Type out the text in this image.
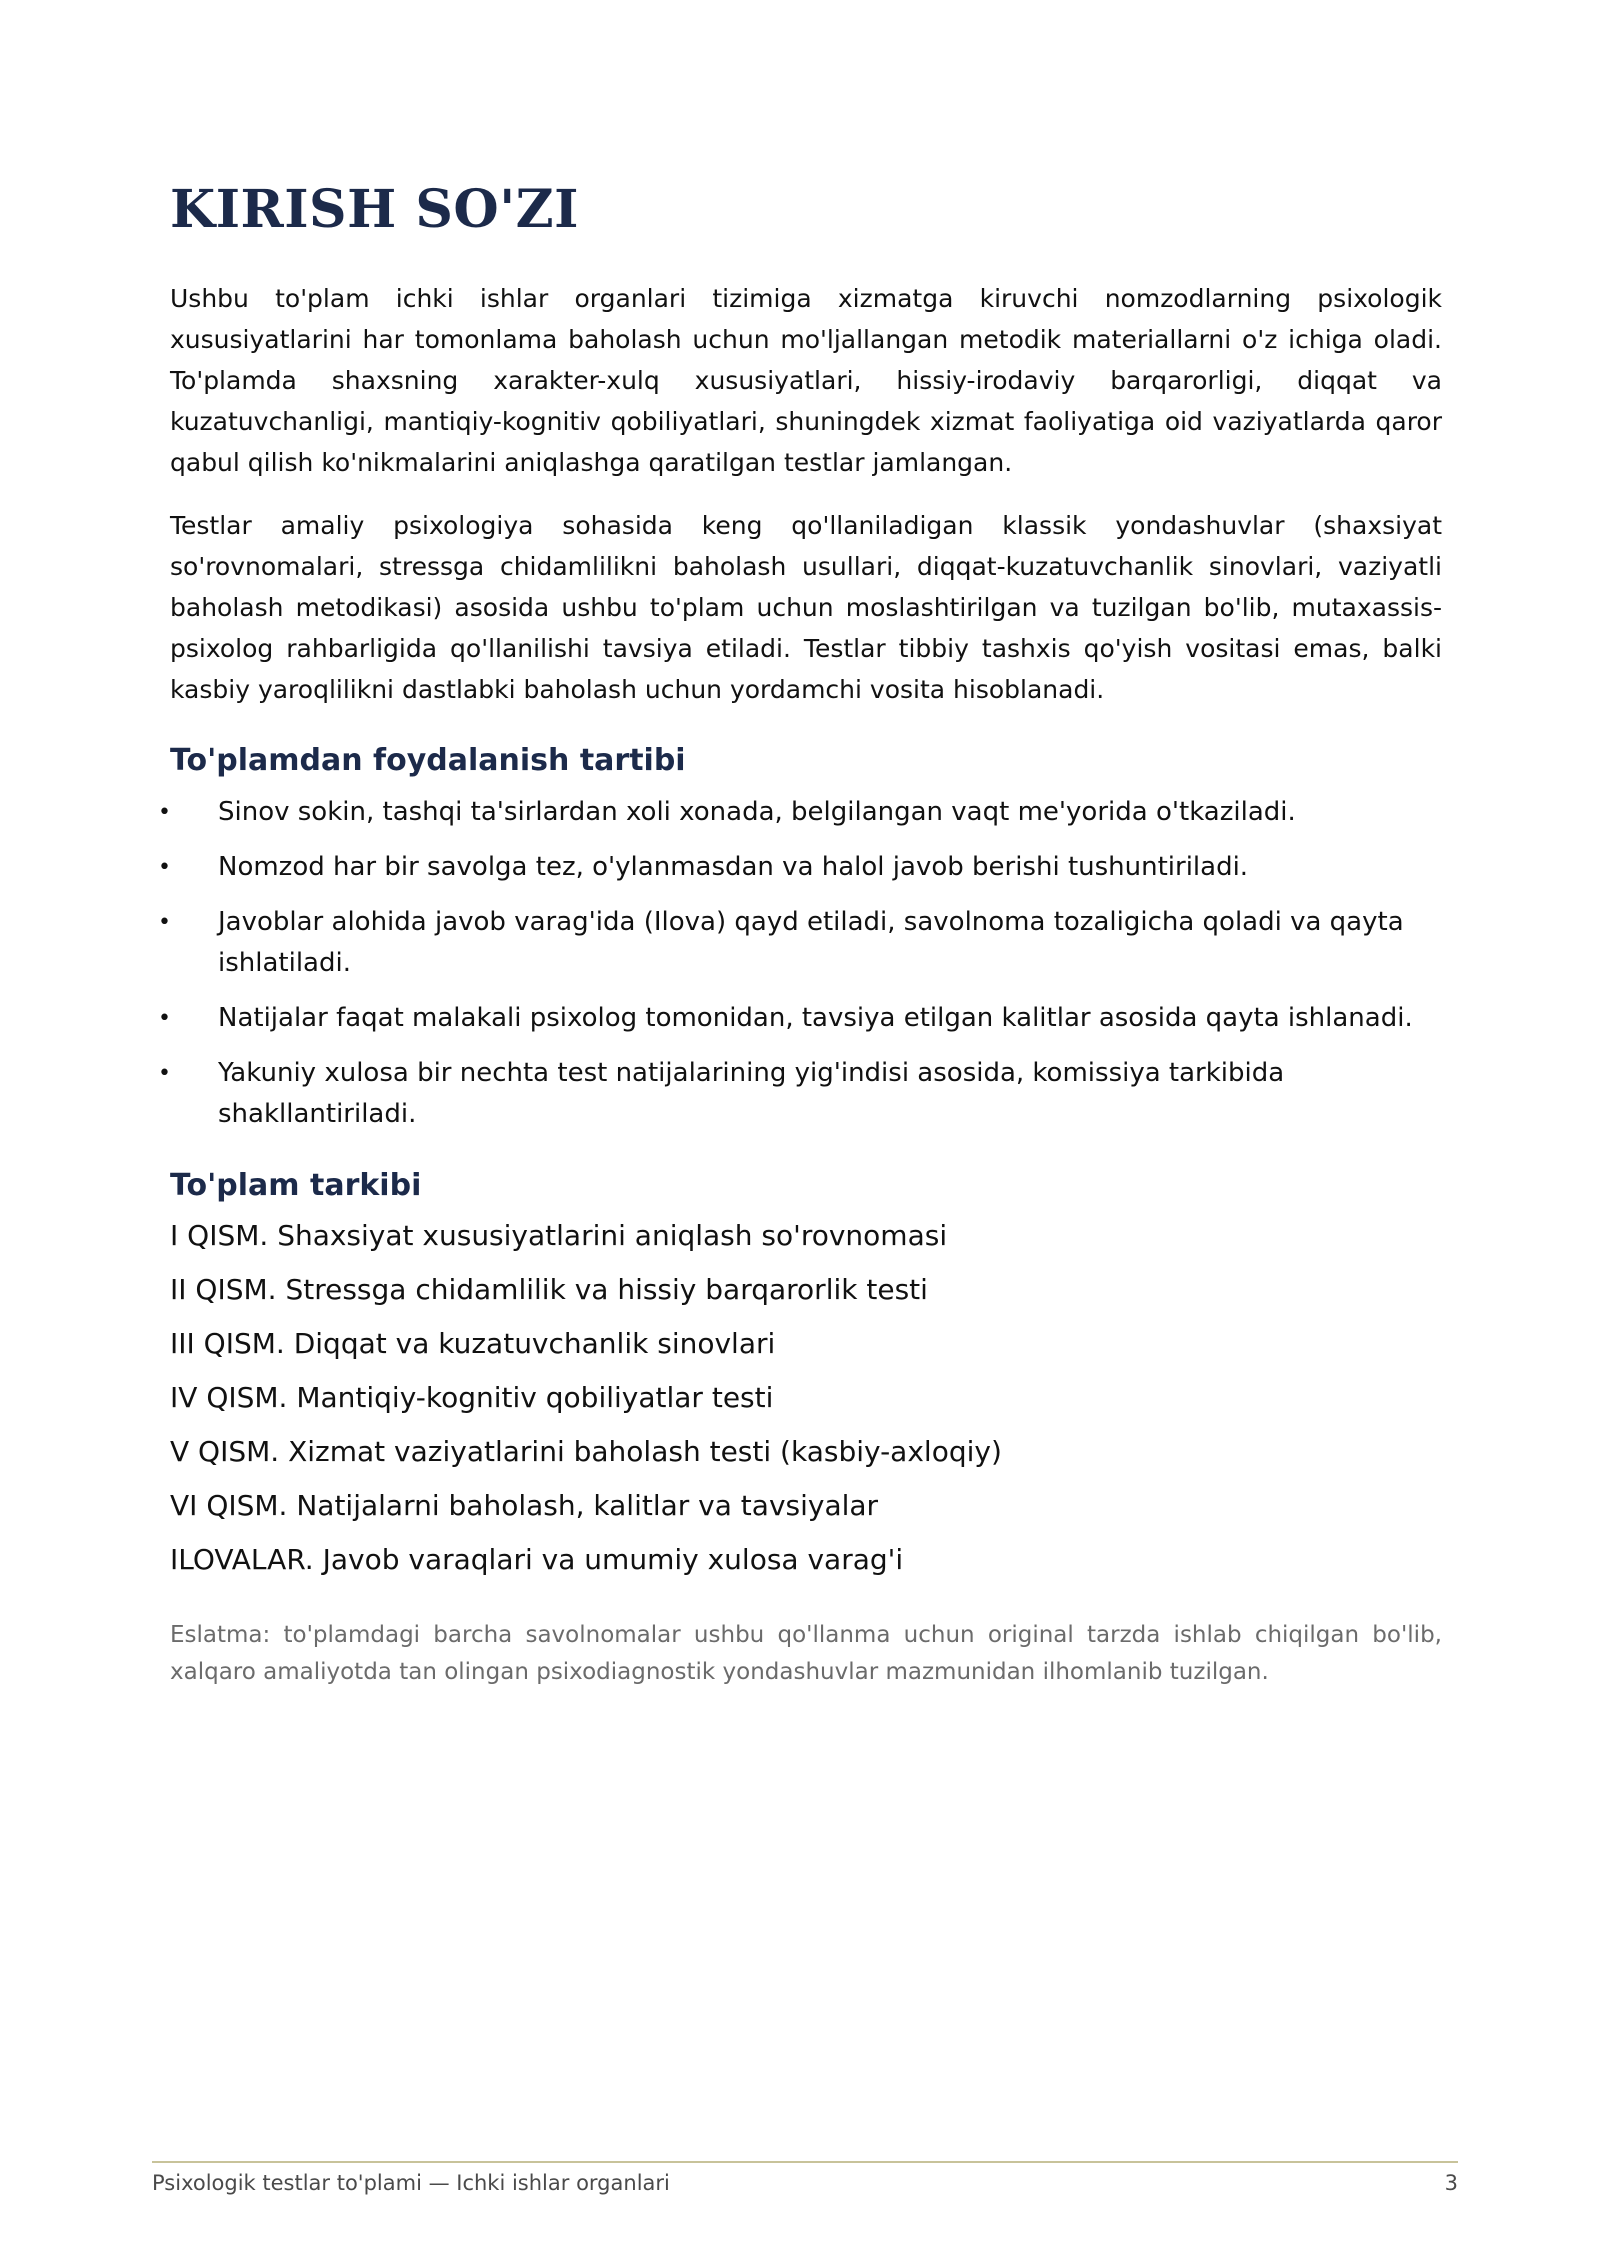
KIRISH SO'ZI

Ushbu to'plam ichki ishlar organlari tizimiga xizmatga kiruvchi nomzodlarning psixologik xususiyatlarini har tomonlama baholash uchun mo'ljallangan metodik materiallarni o'z ichiga oladi. To'plamda shaxsning xarakter-xulq xususiyatlari, hissiy-irodaviy barqarorligi, diqqat va kuzatuvchanligi, mantiqiy-kognitiv qobiliyatlari, shuningdek xizmat faoliyatiga oid vaziyatlarda qaror qabul qilish ko'nikmalarini aniqlashga qaratilgan testlar jamlangan.

Testlar amaliy psixologiya sohasida keng qo'llaniladigan klassik yondashuvlar (shaxsiyat so'rovnomalari, stressga chidamlilikni baholash usullari, diqqat-kuzatuvchanlik sinovlari, vaziyatli baholash metodikasi) asosida ushbu to'plam uchun moslashtirilgan va tuzilgan bo'lib, mutaxassis-psixolog rahbarligida qo'llanilishi tavsiya etiladi. Testlar tibbiy tashxis qo'yish vositasi emas, balki kasbiy yaroqlilikni dastlabki baholash uchun yordamchi vosita hisoblanadi.

To'plamdan foydalanish tartibi
• Sinov sokin, tashqi ta'sirlardan xoli xonada, belgilangan vaqt me'yorida o'tkaziladi.
• Nomzod har bir savolga tez, o'ylanmasdan va halol javob berishi tushuntiriladi.
• Javoblar alohida javob varag'ida (Ilova) qayd etiladi, savolnoma tozaligicha qoladi va qayta ishlatiladi.
• Natijalar faqat malakali psixolog tomonidan, tavsiya etilgan kalitlar asosida qayta ishlanadi.
• Yakuniy xulosa bir nechta test natijalarining yig'indisi asosida, komissiya tarkibida shakllantiriladi.
To'plam tarkibi
I QISM. Shaxsiyat xususiyatlarini aniqlash so'rovnomasi
II QISM. Stressga chidamlilik va hissiy barqarorlik testi
III QISM. Diqqat va kuzatuvchanlik sinovlari
IV QISM. Mantiqiy-kognitiv qobiliyatlar testi
V QISM. Xizmat vaziyatlarini baholash testi (kasbiy-axloqiy)
VI QISM. Natijalarni baholash, kalitlar va tavsiyalar
ILOVALAR. Javob varaqlari va umumiy xulosa varag'i

Eslatma: to'plamdagi barcha savolnomalar ushbu qo'llanma uchun original tarzda ishlab chiqilgan bo'lib, xalqaro amaliyotda tan olingan psixodiagnostik yondashuvlar mazmunidan ilhomlanib tuzilgan.

Psixologik testlar to'plami — Ichki ishlar organlari	3
